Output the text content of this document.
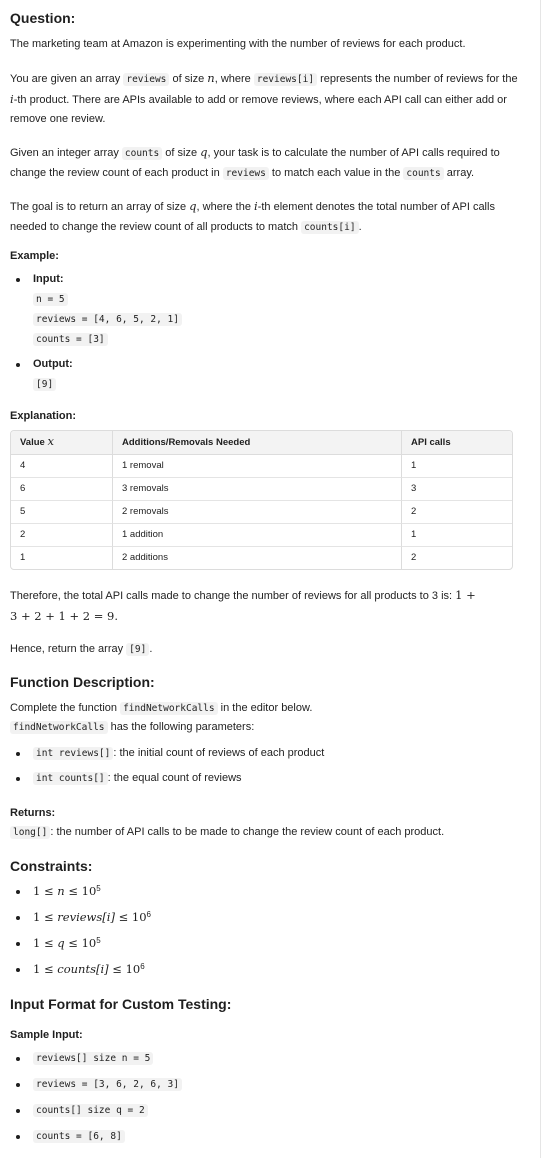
Question:

The marketing team at Amazon is experimenting with the number of reviews for each product.

You are given an array reviews of size n, where reviews[i] represents the number of reviews for the i-th product. There are APIs available to add or remove reviews, where each API call can either add or remove one review.

Given an integer array counts of size q, your task is to calculate the number of API calls required to change the review count of each product in reviews to match each value in the counts array.

The goal is to return an array of size q, where the i-th element denotes the total number of API calls needed to change the review count of all products to match counts[i] .

Example:
Input:
n = 5
reviews = [4, 6, 5, 2, 1]
counts = [3]
Output:
[9]
Explanation:
Value x	Additions/Removals Needed	API calls
4	1 removal	1
6	3 removals	3
5	2 removals	2
2	1 addition	1
1	2 additions	2

Therefore, the total API calls made to change the number of reviews for all products to 3 is: 1 +
3 + 2 + 1 + 2 = 9.

Hence, return the array [9] .

Function Description:

Complete the function findNetworkCalls in the editor below.

findNetworkCalls has the following parameters:

int reviews[] : the initial count of reviews of each product
int counts[] : the equal count of reviews
Returns:

long[] : the number of API calls to be made to change the review count of each product.

Constraints:
$1 \le n \le 10^5$
1 ≤ reviews[i] ≤ $10^6$
$1 \le q \le 10^5$
1 ≤ counts[i] ≤ $10^6$
Input Format for Custom Testing:
Sample Input:
reviews[] size n = 5
reviews = [3, 6, 2, 6, 3]
counts[] size q = 2
counts = [6, 8]
